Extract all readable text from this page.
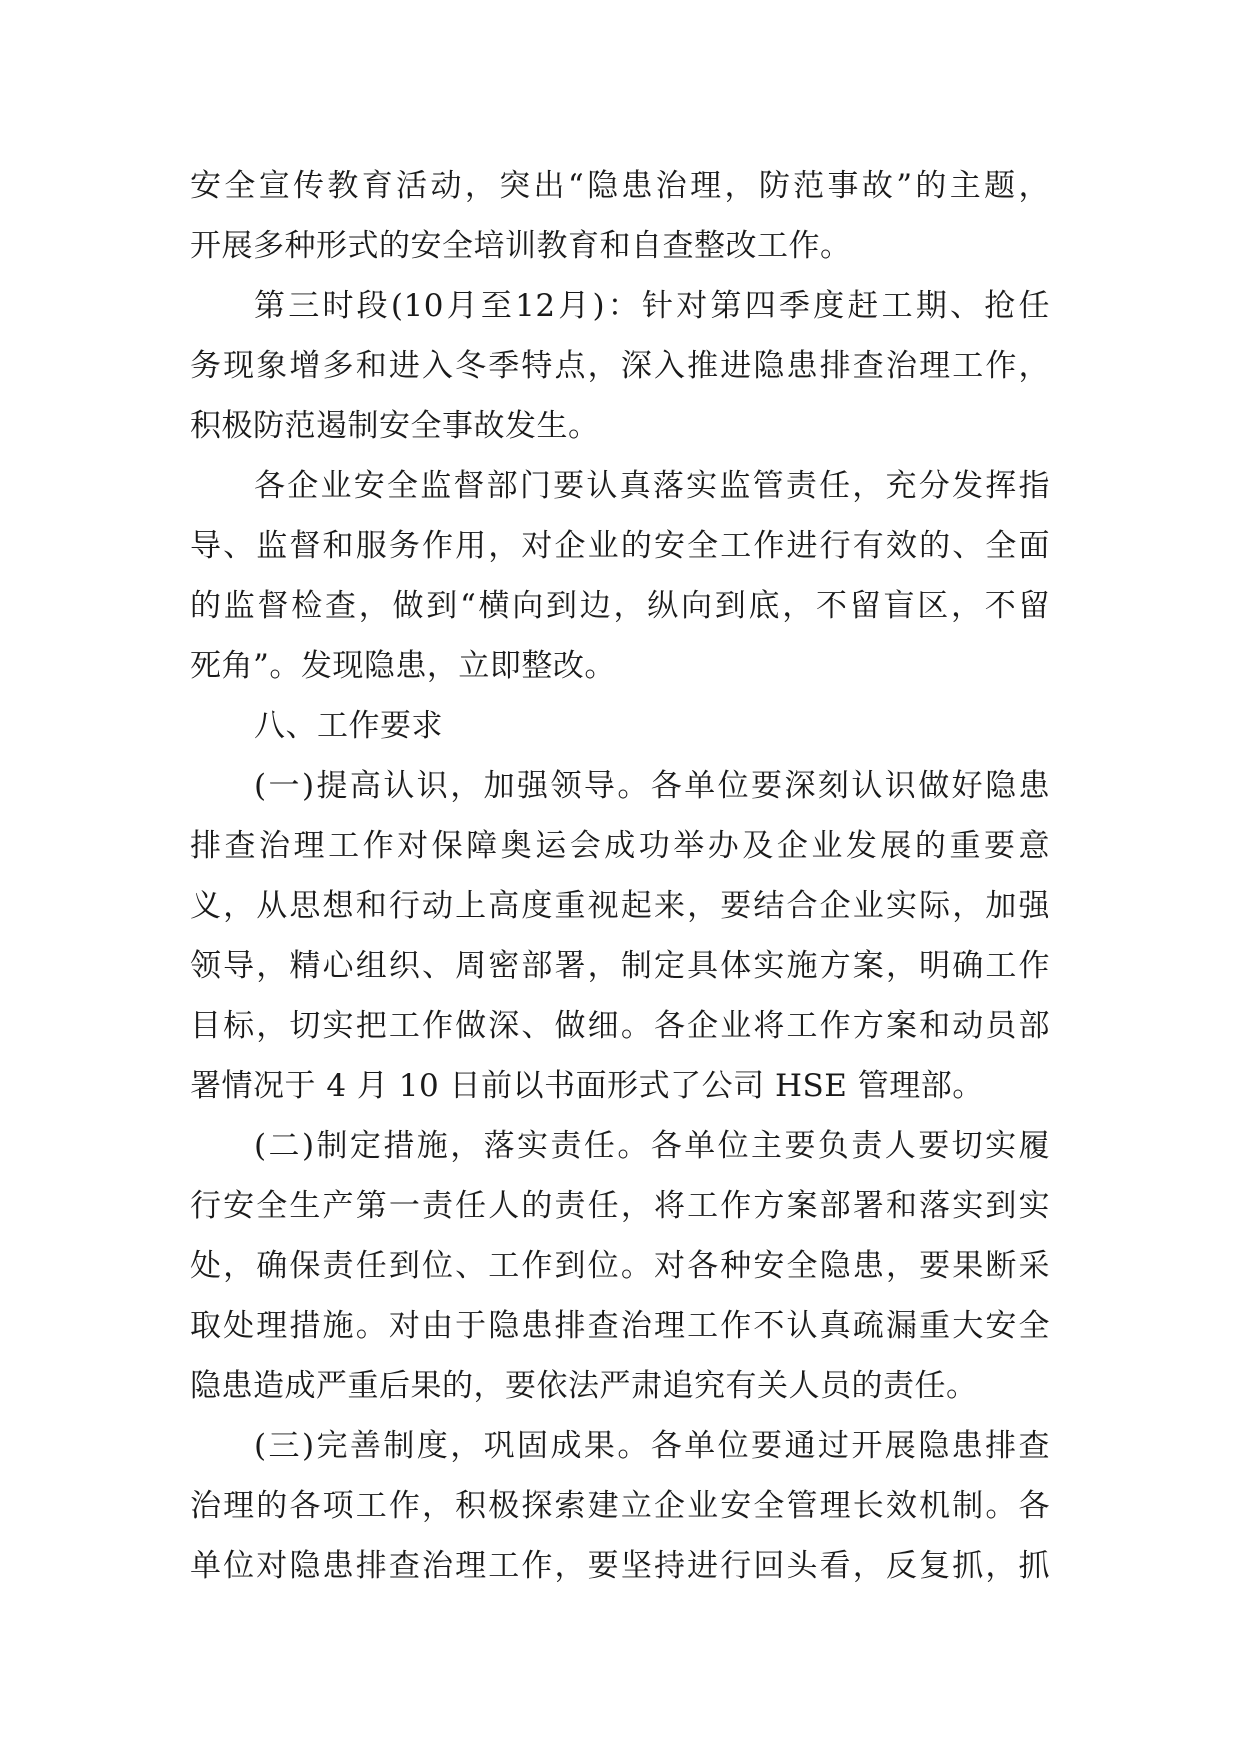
安全宣传教育活动，突出“隐患治理，防范事故”的主题，
开展多种形式的安全培训教育和自查整改工作。
第三时段(10月至12月)：针对第四季度赶工期、抢任
务现象增多和进入冬季特点，深入推进隐患排查治理工作，
积极防范遏制安全事故发生。
各企业安全监督部门要认真落实监管责任，充分发挥指
导、监督和服务作用，对企业的安全工作进行有效的、全面
的监督检查，做到“横向到边，纵向到底，不留盲区，不留
死角”。发现隐患，立即整改。
八、工作要求
(一)提高认识，加强领导。各单位要深刻认识做好隐患
排查治理工作对保障奥运会成功举办及企业发展的重要意
义，从思想和行动上高度重视起来，要结合企业实际，加强
领导，精心组织、周密部署，制定具体实施方案，明确工作
目标，切实把工作做深、做细。各企业将工作方案和动员部
署情况于 4 月 10 日前以书面形式了公司 HSE 管理部。
(二)制定措施，落实责任。各单位主要负责人要切实履
行安全生产第一责任人的责任，将工作方案部署和落实到实
处，确保责任到位、工作到位。对各种安全隐患，要果断采
取处理措施。对由于隐患排查治理工作不认真疏漏重大安全
隐患造成严重后果的，要依法严肃追究有关人员的责任。
(三)完善制度，巩固成果。各单位要通过开展隐患排查
治理的各项工作，积极探索建立企业安全管理长效机制。各
单位对隐患排查治理工作，要坚持进行回头看，反复抓，抓
